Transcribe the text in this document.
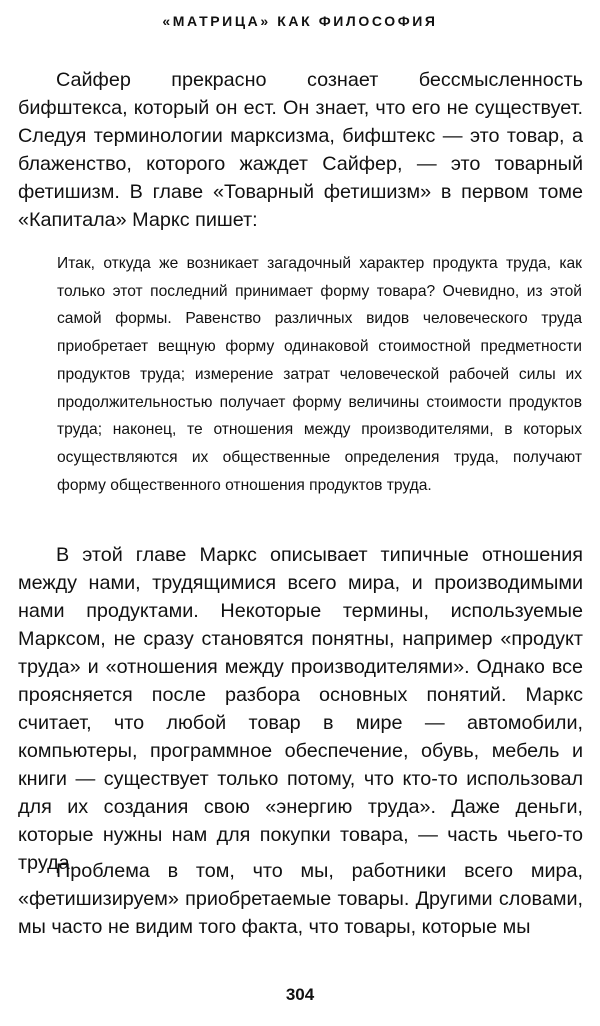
«МАТРИЦА» КАК ФИЛОСОФИЯ

Сайфер прекрасно сознает бессмысленность бифштекса, который он ест. Он знает, что его не существует. Следуя терминологии марксизма, бифштекс — это товар, а блаженство, которого жаждет Сайфер, — это товарный фетишизм. В главе «Товарный фетишизм» в первом томе «Капитала» Маркс пишет:

Итак, откуда же возникает загадочный характер продукта труда, как только этот последний принимает форму товара? Очевидно, из этой самой формы. Равенство различных видов человеческого труда приобретает вещную форму одинаковой стоимостной предметности продуктов труда; измерение затрат человеческой рабочей силы их продолжительностью получает форму величины стоимости продуктов труда; наконец, те отношения между производителями, в которых осуществляются их общественные определения труда, получают форму общественного отношения продуктов труда.

В этой главе Маркс описывает типичные отношения между нами, трудящимися всего мира, и производимыми нами продуктами. Некоторые термины, используемые Марксом, не сразу становятся понятны, например «продукт труда» и «отношения между производителями». Однако все проясняется после разбора основных понятий. Маркс считает, что любой товар в мире — автомобили, компьютеры, программное обеспечение, обувь, мебель и книги — существует только потому, что кто-то использовал для их создания свою «энергию труда». Даже деньги, которые нужны нам для покупки товара, — часть чьего-то труда.

Проблема в том, что мы, работники всего мира, «фетишизируем» приобретаемые товары. Другими словами, мы часто не видим того факта, что товары, которые мы

304
